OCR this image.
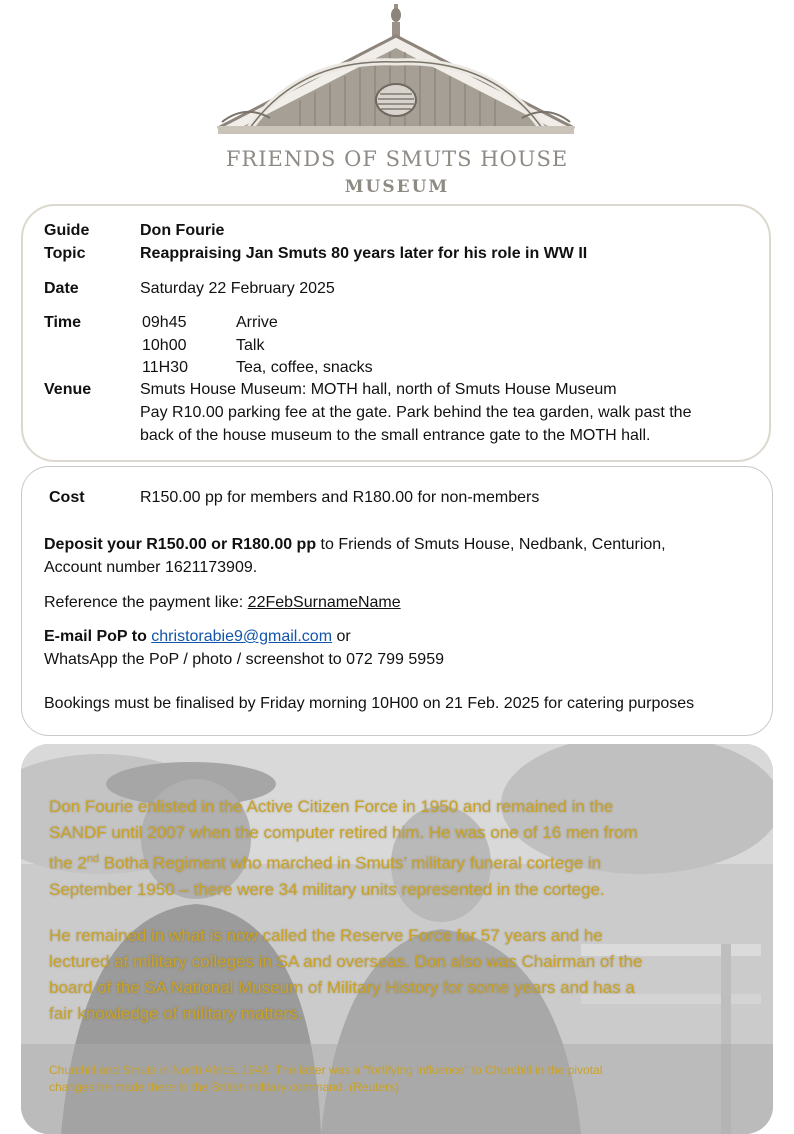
FRIENDS OF SMUTS HOUSE
MUSEUM
Guide	Don Fourie
Topic	Reappraising Jan Smuts 80 years later for his role in WW II
Date	Saturday 22 February 2025
Time	09h45	Arrive
10h00	Talk
11H30	Tea, coffee, snacks
Venue	Smuts House Museum: MOTH hall, north of Smuts House Museum
Pay R10.00 parking fee at the gate. Park behind the tea garden, walk past the
back of the house museum to the small entrance gate to the MOTH hall.
Cost	R150.00 pp for members and R180.00 for non-members
Deposit your R150.00 or R180.00 pp to Friends of Smuts House, Nedbank, Centurion,
Account number 1621173909.
Reference the payment like: 22FebSurnameName
E-mail PoP to christorabie9@gmail.com or
WhatsApp the PoP / photo / screenshot to 072 799 5959
Bookings must be finalised by Friday morning 10H00 on 21 Feb. 2025 for catering purposes
Don Fourie enlisted in the Active Citizen Force in 1950 and remained in the
SANDF until 2007 when the computer retired him. He was one of 16 men from
the 2nd Botha Regiment who marched in Smuts’ military funeral cortege in
September 1950 – there were 34 military units represented in the cortege.
He remained in what is now called the Reserve Force for 57 years and he
lectured at military colleges in SA and overseas. Don also was Chairman of the
board of the SA National Museum of Military History for some years and has a
fair knowledge of military matters.
Churchill and Smuts in North Africa, 1942. The latter was a “fortifying influence” to Churchill in the pivotal
changes he made there to the British military command. (Reuters)
